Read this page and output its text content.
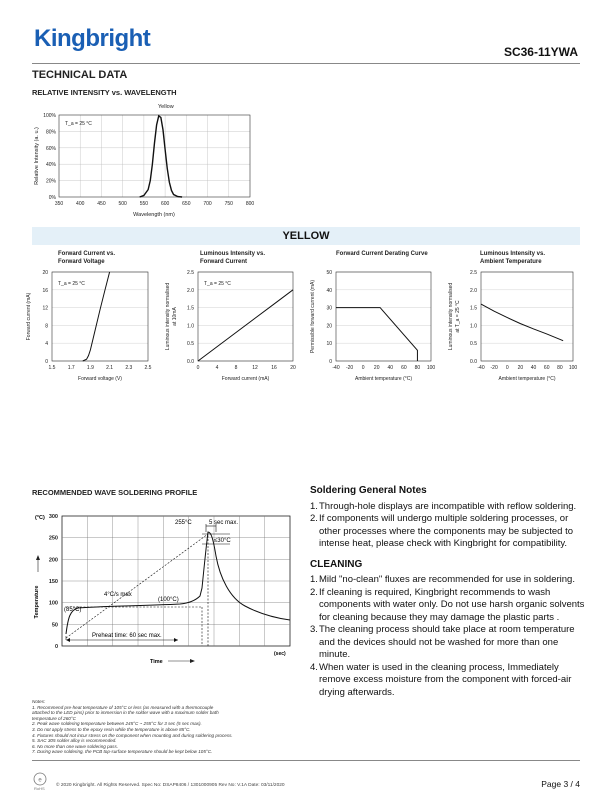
Kingbright	SC36-11YWA
TECHNICAL DATA
RELATIVE INTENSITY vs. WAVELENGTH
0%
20%
40%
60%
80%
100%
350	400	450	500	550	600	650	700	750	800
Yellow
T_a = 25 °C
Wavelength (nm)
Relative Intensity (a. u.)
YELLOW
Forward Current vs.
Forward Voltage
Luminous Intensity vs.
Forward Current
Forward Current Derating Curve	Luminous Intensity vs.
Ambient Temperature
0
4
8
12
16
20
1.5 1.7 1.9 2.1 2.3 2.5
T_a = 25 °C
Forward voltage (V)
Forward current (mA)
0.0
0.5
1.0
1.5
2.0
2.5
0	4	8	12	16	20
T_a = 25 °C
Forward current (mA)
Luminous intensity normalised at 10mA
0
10
20
30
40
50
-40 -20 0 20 40 60 80 100
Ambient temperature (°C)
Permissible forward current (mA)
0.0
0.5
1.0
1.5
2.0
2.5
-40 -20 0 20 40 60 80 100
Ambient temperature (°C)
Luminous intensity normalised at T_a = 25 °C
RECOMMENDED WAVE SOLDERING PROFILE
0
50
100
150
200
250
300
(°C)
Temperature
Time
(sec)
255°C	5 sec max.
≤30°C
4°C/s max
(100°C)
(85°C)
Preheat time: 60 sec max.
Soldering General Notes
1. Through-hole displays are incompatible with reflow soldering.
2. If components will undergo multiple soldering processes, or other processes where the components may be subjected to intense heat, please check with Kingbright for compatibility.
CLEANING
1. Mild "no-clean" fluxes are recommended for use in soldering.
2. If cleaning is required, Kingbright recommends to wash components with water only. Do not use harsh organic solvents for cleaning because they may damage the plastic parts .
3. The cleaning process should take place at room temperature and the devices should not be washed for more than one minute.
4. When water is used in the cleaning process, Immediately remove excess moisture from the component with forced-air drying afterwards.
Notes:
1. Recommend pre-heat temperature of 105°C or less (as measured with a thermocouple
attached to the LED pins) prior to immersion in the solder wave with a maximum solder bath
temperature of 260°C
2. Peak wave soldering temperature between 245°C ~ 255°C for 3 sec (5 sec max).
3. Do not apply stress to the epoxy resin while the temperature is above 85°C.
4. Fixtures should not incur stress on the component when mounting and during soldering process.
5. SAC 305 solder alloy is recommended.
6. No more than one wave soldering pass.
7. During wave soldering, the PCB top-surface temperature should be kept below 105°C.
e
RoHS
© 2020 Kingbright. All Rights Reserved. Spec No: DSAP8406 / 1301000905 Rev No: V.1A Date: 03/11/2020	Page 3 / 4
